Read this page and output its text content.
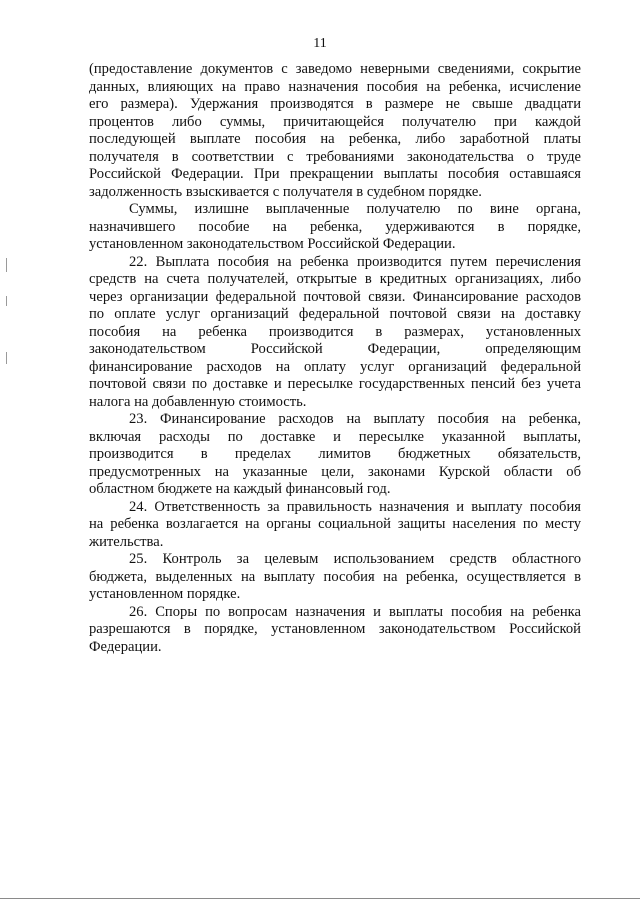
11
(предоставление документов с заведомо неверными сведениями, сокрытие
данных, влияющих на право назначения пособия на ребенка, исчисление
его размера). Удержания производятся в размере не свыше двадцати
процентов либо суммы, причитающейся получателю при каждой
последующей выплате пособия на ребенка, либо заработной платы
получателя в соответствии с требованиями законодательства о труде
Российской Федерации. При прекращении выплаты пособия оставшаяся
задолженность взыскивается с получателя в судебном порядке.
Суммы, излишне выплаченные получателю по вине органа,
назначившего пособие на ребенка, удерживаются в порядке,
установленном законодательством Российской Федерации.
22. Выплата пособия на ребенка производится путем перечисления
средств на счета получателей, открытые в кредитных организациях, либо
через организации федеральной почтовой связи. Финансирование расходов
по оплате услуг организаций федеральной почтовой связи на доставку
пособия на ребенка производится в размерах, установленных
законодательством Российской Федерации, определяющим
финансирование расходов на оплату услуг организаций федеральной
почтовой связи по доставке и пересылке государственных пенсий без учета
налога на добавленную стоимость.
23. Финансирование расходов на выплату пособия на ребенка,
включая расходы по доставке и пересылке указанной выплаты,
производится в пределах лимитов бюджетных обязательств,
предусмотренных на указанные цели, законами Курской области об
областном бюджете на каждый финансовый год.
24. Ответственность за правильность назначения и выплату пособия
на ребенка возлагается на органы социальной защиты населения по месту
жительства.
25. Контроль за целевым использованием средств областного
бюджета, выделенных на выплату пособия на ребенка, осуществляется в
установленном порядке.
26. Споры по вопросам назначения и выплаты пособия на ребенка
разрешаются в порядке, установленном законодательством Российской
Федерации.
